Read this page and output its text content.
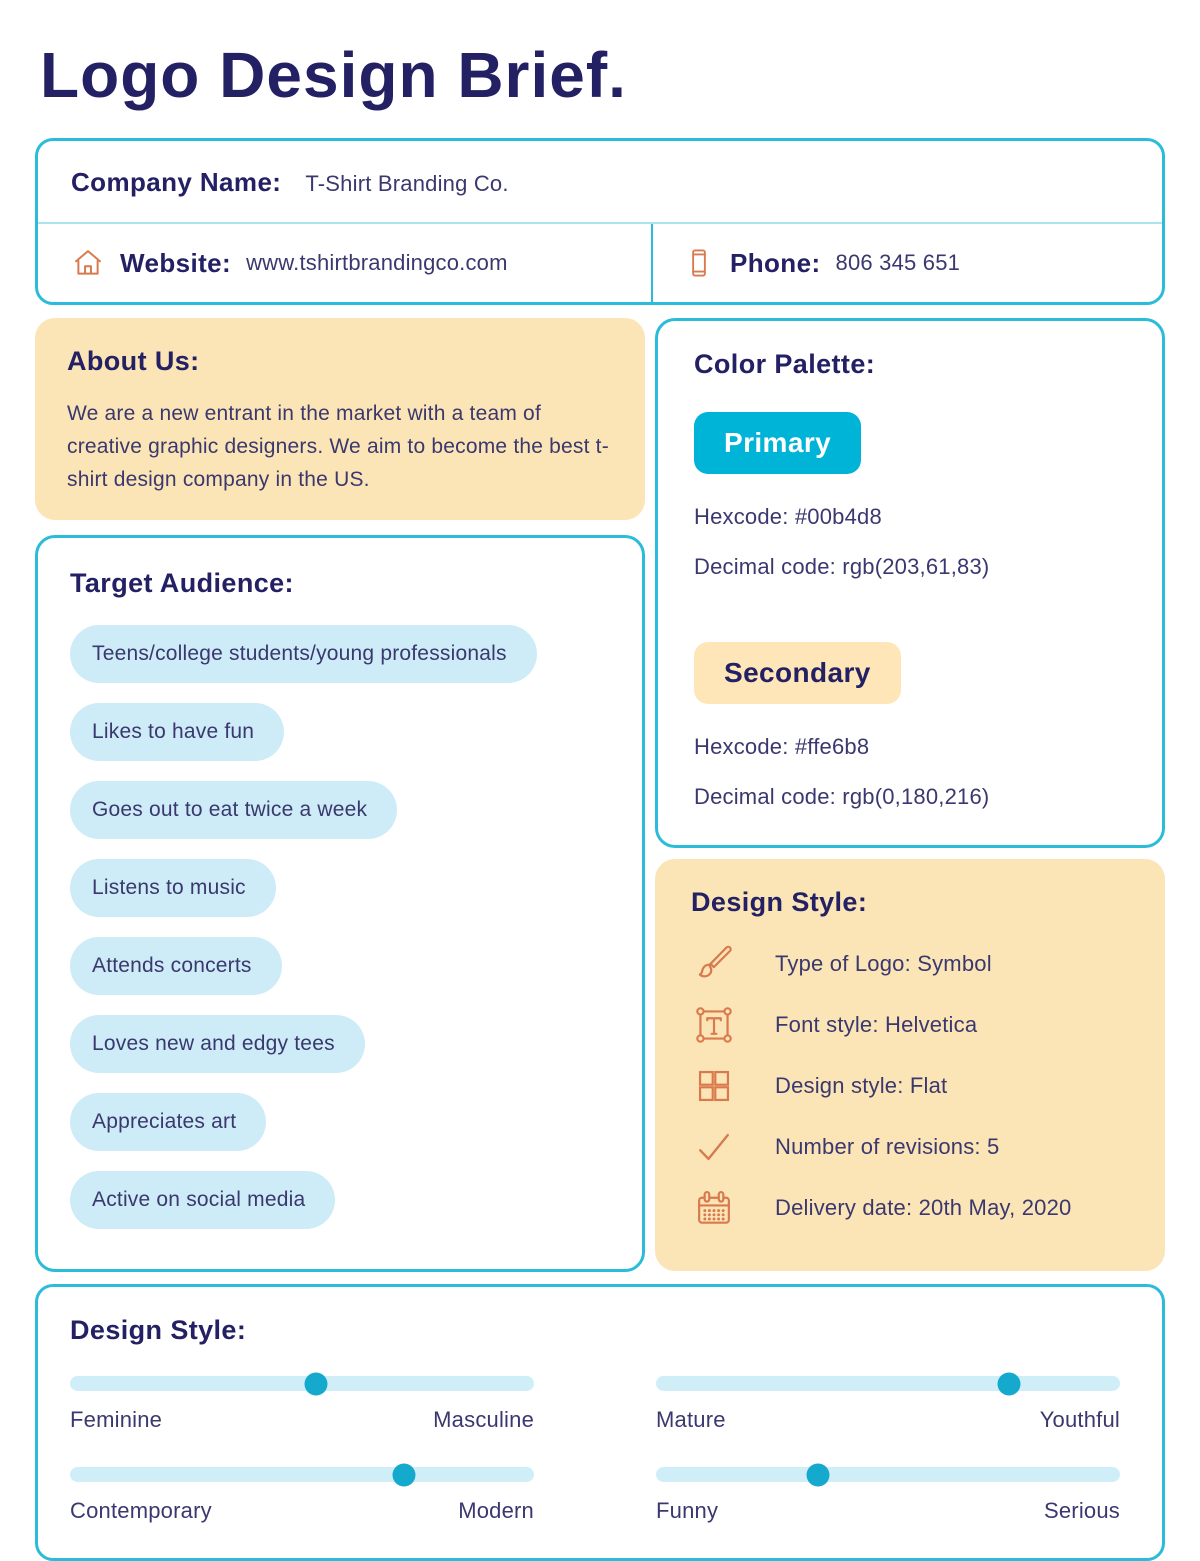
Logo Design Brief.
Company Name: T-Shirt Branding Co.
Website: www.tshirtbrandingco.com	Phone: 806 345 651
About Us:

We are a new entrant in the market with a team of creative graphic designers. We aim to become the best t-shirt design company in the US.

Target Audience:
Teens/college students/young professionals
Likes to have fun
Goes out to eat twice a week
Listens to music
Attends concerts
Loves new and edgy tees
Appreciates art
Active on social media
Color Palette:
Primary
Hexcode: #00b4d8
Decimal code: rgb(203,61,83)
Secondary
Hexcode: #ffe6b8
Decimal code: rgb(0,180,216)
Design Style:
Type of Logo: Symbol
Font style: Helvetica
Design style: Flat
Number of revisions: 5
Delivery date: 20th May, 2020
Design Style:
Feminine	Masculine	Mature	Youthful
Contemporary	Modern	Funny	Serious
